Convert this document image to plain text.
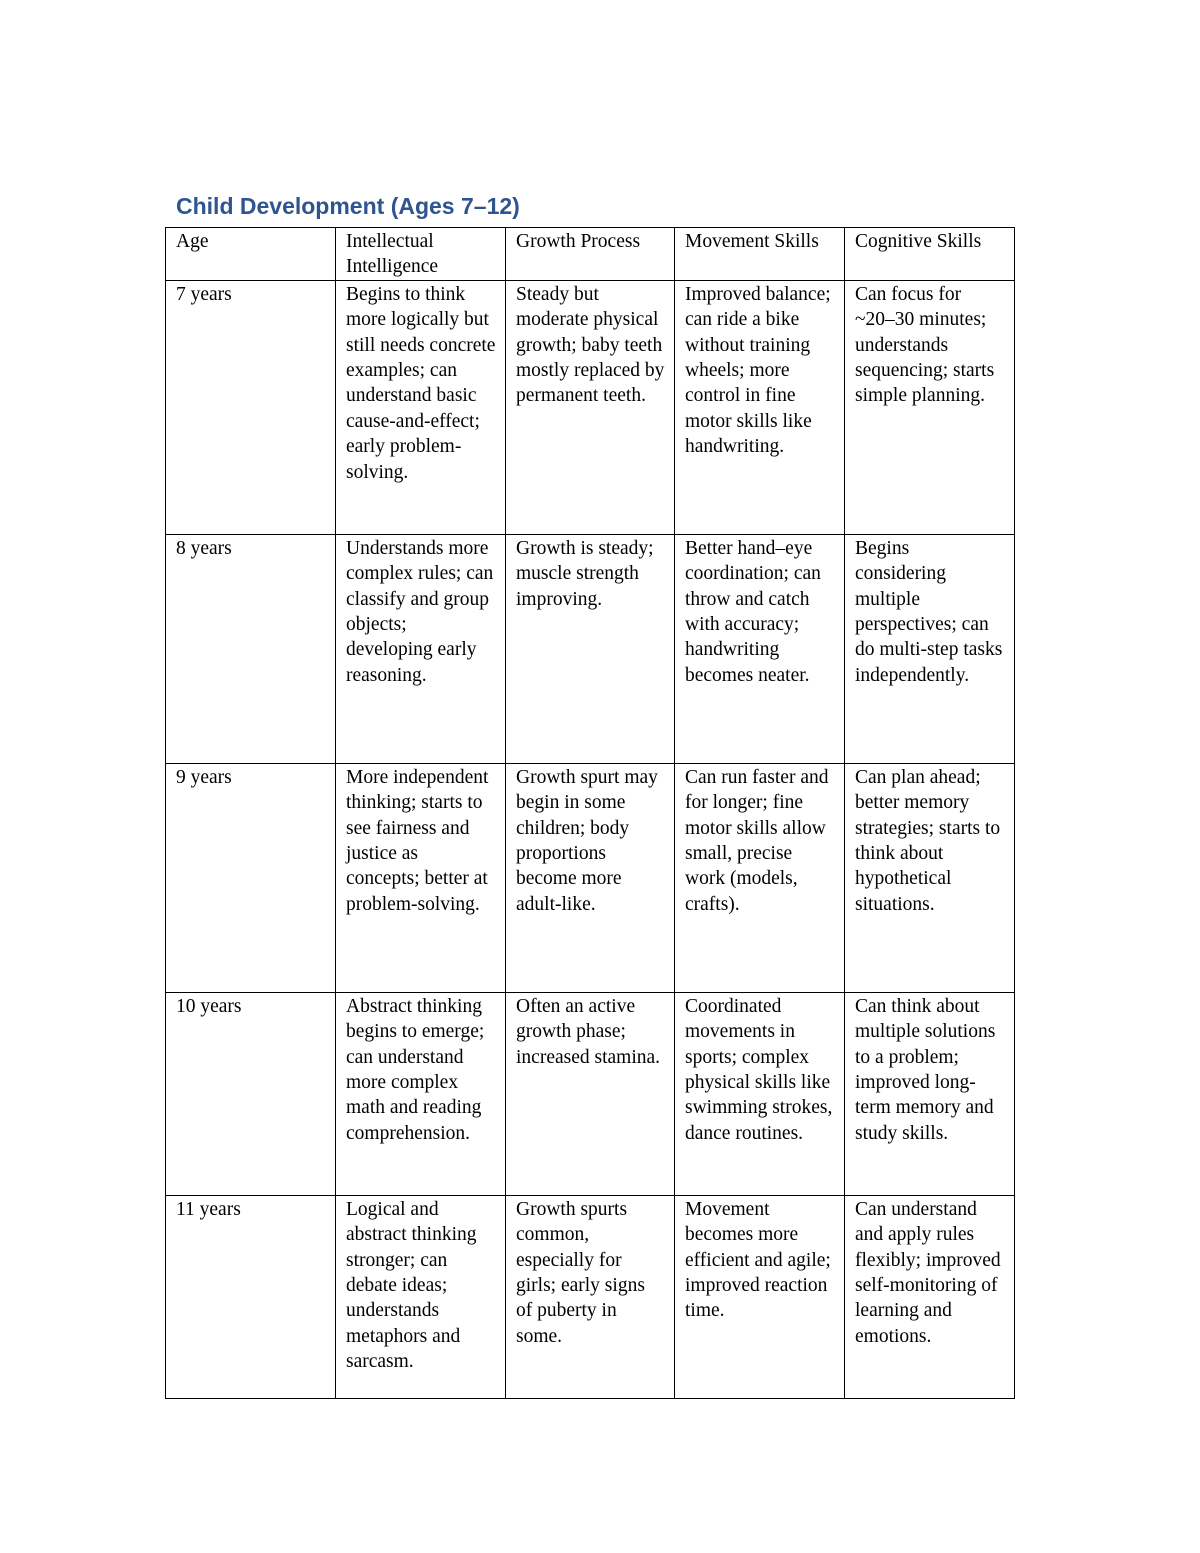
Child Development (Ages 7–12)
Age	Intellectual Intelligence	Growth Process	Movement Skills	Cognitive Skills
7 years	Begins to think more logically but still needs concrete examples; can understand basic cause-and-effect; early problem-solving.	Steady but moderate physical growth; baby teeth mostly replaced by permanent teeth.	Improved balance; can ride a bike without training wheels; more control in fine motor skills like handwriting.	Can focus for ~20–30 minutes; understands sequencing; starts simple planning.
8 years	Understands more complex rules; can classify and group objects; developing early reasoning.	Growth is steady; muscle strength improving.	Better hand–eye coordination; can throw and catch with accuracy; handwriting becomes neater.	Begins considering multiple perspectives; can do multi-step tasks independently.
9 years	More independent thinking; starts to see fairness and justice as concepts; better at problem-solving.	Growth spurt may begin in some children; body proportions become more adult-like.	Can run faster and for longer; fine motor skills allow small, precise work (models, crafts).	Can plan ahead; better memory strategies; starts to think about hypothetical situations.
10 years	Abstract thinking begins to emerge; can understand more complex math and reading comprehension.	Often an active growth phase; increased stamina.	Coordinated movements in sports; complex physical skills like swimming strokes, dance routines.	Can think about multiple solutions to a problem; improved long-term memory and study skills.
11 years	Logical and abstract thinking stronger; can debate ideas; understands metaphors and sarcasm.	Growth spurts common, especially for girls; early signs of puberty in some.	Movement becomes more efficient and agile; improved reaction time.	Can understand and apply rules flexibly; improved self-monitoring of learning and emotions.
